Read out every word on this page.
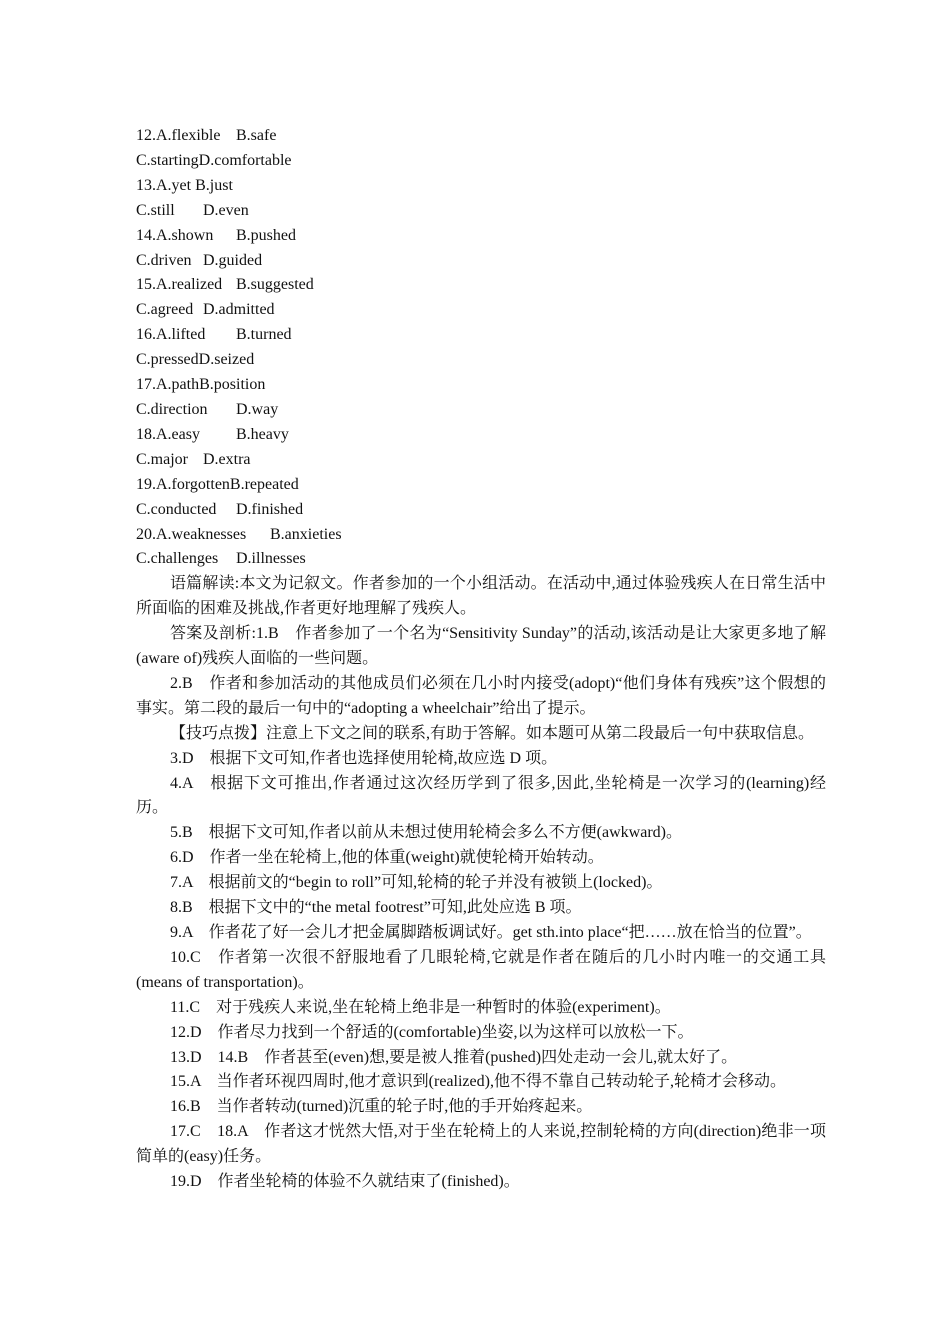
12.A.flexible B.safe
C.startingD.comfortable
13.A.yet B.just
C.still D.even
14.A.shown B.pushed
C.driven D.guided
15.A.realized B.suggested
C.agreed D.admitted
16.A.lifted B.turned
C.pressedD.seized
17.A.pathB.position
C.direction D.way
18.A.easy B.heavy
C.major D.extra
19.A.forgottenB.repeated
C.conducted D.finished
20.A.weaknesses B.anxieties
C.challenges D.illnesses

语篇解读:本文为记叙文。作者参加的一个小组活动。在活动中,通过体验残疾人在日常生活中所面临的困难及挑战,作者更好地理解了残疾人。

答案及剖析:1.B　作者参加了一个名为“Sensitivity Sunday”的活动,该活动是让大家更多地了解(aware of)残疾人面临的一些问题。

2.B　作者和参加活动的其他成员们必须在几小时内接受(adopt)“他们身体有残疾”这个假想的事实。第二段的最后一句中的“adopting a wheelchair”给出了提示。

【技巧点拨】注意上下文之间的联系,有助于答解。如本题可从第二段最后一句中获取信息。

3.D　根据下文可知,作者也选择使用轮椅,故应选 D 项。

4.A　根据下文可推出,作者通过这次经历学到了很多,因此,坐轮椅是一次学习的(learning)经历。

5.B　根据下文可知,作者以前从未想过使用轮椅会多么不方便(awkward)。

6.D　作者一坐在轮椅上,他的体重(weight)就使轮椅开始转动。

7.A　根据前文的“begin to roll”可知,轮椅的轮子并没有被锁上(locked)。

8.B　根据下文中的“the metal footrest”可知,此处应选 B 项。

9.A　作者花了好一会儿才把金属脚踏板调试好。get sth.into place“把……放在恰当的位置”。

10.C　作者第一次很不舒服地看了几眼轮椅,它就是作者在随后的几小时内唯一的交通工具(means of transportation)。

11.C　对于残疾人来说,坐在轮椅上绝非是一种暂时的体验(experiment)。

12.D　作者尽力找到一个舒适的(comfortable)坐姿,以为这样可以放松一下。

13.D　14.B　作者甚至(even)想,要是被人推着(pushed)四处走动一会儿,就太好了。

15.A　当作者环视四周时,他才意识到(realized),他不得不靠自己转动轮子,轮椅才会移动。

16.B　当作者转动(turned)沉重的轮子时,他的手开始疼起来。

17.C　18.A　作者这才恍然大悟,对于坐在轮椅上的人来说,控制轮椅的方向(direction)绝非一项简单的(easy)任务。

19.D　作者坐轮椅的体验不久就结束了(finished)。
